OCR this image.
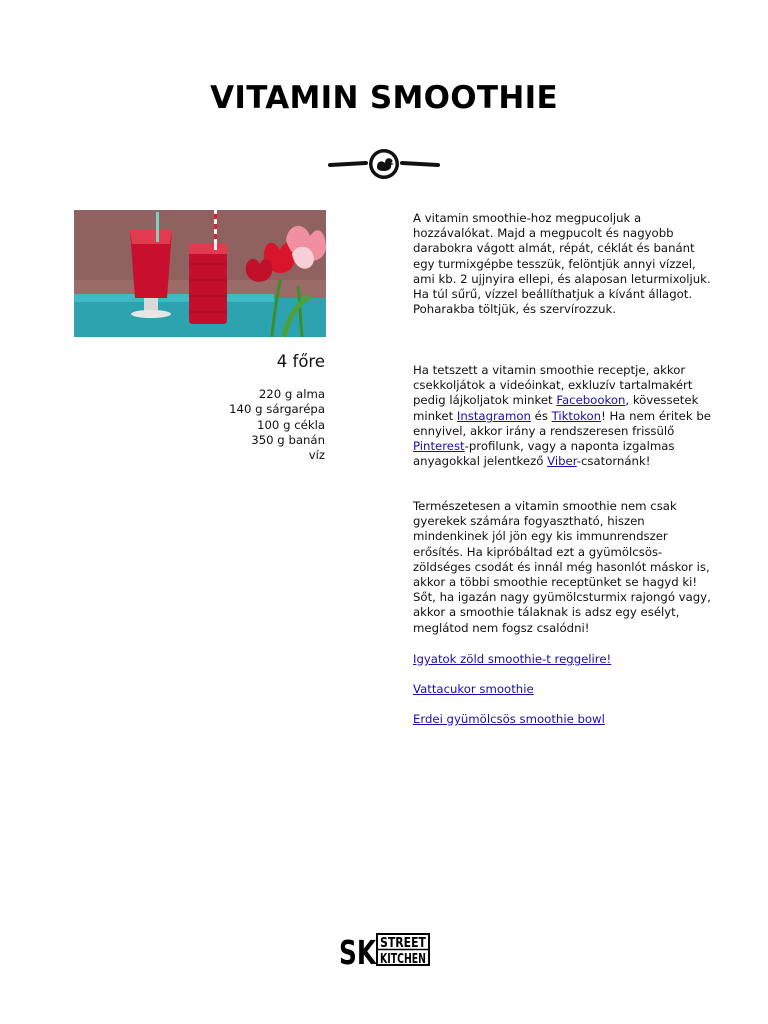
VITAMIN SMOOTHIE
4 főre
220 g alma
140 g sárgarépa
100 g cékla
350 g banán
víz

A vitamin smoothie-hoz megpucoljuk a hozzávalókat. Majd a megpucolt és nagyobb darabokra vágott almát, répát, céklát és banánt egy turmixgépbe tesszük, felöntjük annyi vízzel, ami kb. 2 ujjnyira ellepi, és alaposan leturmixoljuk. Ha túl sűrű, vízzel beállíthatjuk a kívánt állagot. Poharakba töltjük, és szervírozzuk.

Ha tetszett a vitamin smoothie receptje, akkor csekkoljátok a videóinkat, exkluzív tartalmakért pedig lájkoljatok minket Facebookon, kövessetek minket Instagramon és Tiktokon! Ha nem éritek be ennyivel, akkor irány a rendszeresen frissülő Pinterest-profilunk, vagy a naponta izgalmas anyagokkal jelentkező Viber-csatornánk!

Természetesen a vitamin smoothie nem csak gyerekek számára fogyasztható, hiszen mindenkinek jól jön egy kis immunrendszer erősítés. Ha kipróbáltad ezt a gyümölcsös-zöldséges csodát és innál még hasonlót máskor is, akkor a többi smoothie receptünket se hagyd ki! Sőt, ha igazán nagy gyümölcsturmix rajongó vagy, akkor a smoothie tálaknak is adsz egy esélyt, meglátod nem fogsz csalódni!

Igyatok zöld smoothie-t reggelire!
Vattacukor smoothie
Erdei gyümölcsös smoothie bowl
SK STREET
KITCHEN
